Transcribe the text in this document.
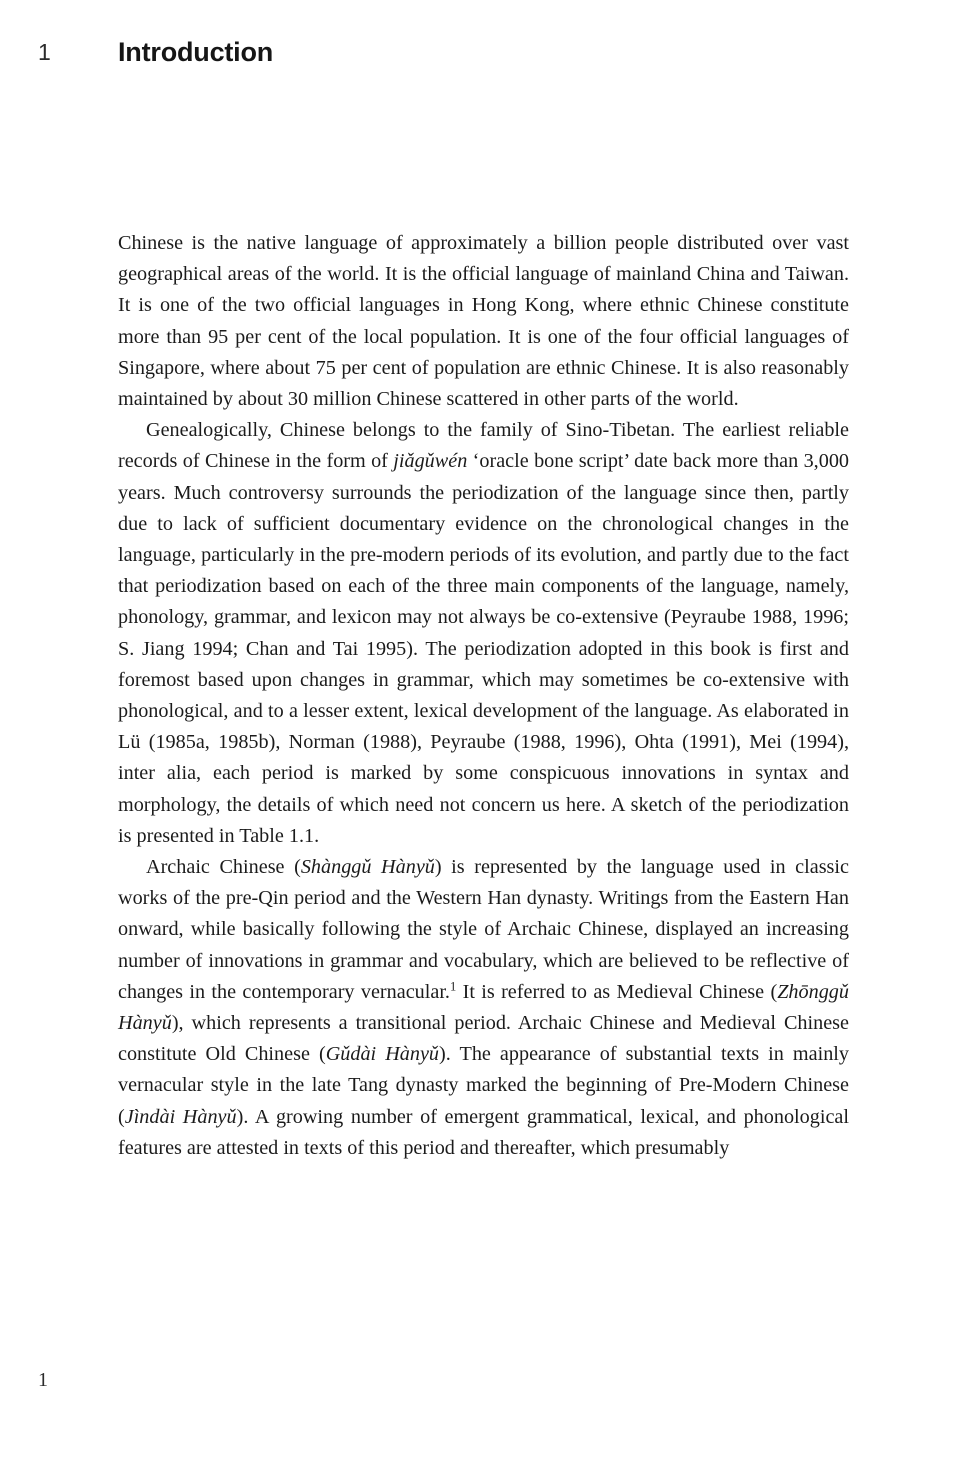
1 Introduction
1

Chinese is the native language of approximately a billion people distributed over vast geographical areas of the world. It is the official language of mainland China and Taiwan. It is one of the two official languages in Hong Kong, where ethnic Chinese constitute more than 95 per cent of the local population. It is one of the four official languages of Singapore, where about 75 per cent of population are ethnic Chinese. It is also reasonably maintained by about 30 million Chinese scattered in other parts of the world.

Genealogically, Chinese belongs to the family of Sino-Tibetan. The earliest reliable records of Chinese in the form of jiǎgǔwén ‘oracle bone script’ date back more than 3,000 years. Much controversy surrounds the periodization of the language since then, partly due to lack of sufficient documentary evidence on the chronological changes in the language, particularly in the pre-modern periods of its evolution, and partly due to the fact that periodization based on each of the three main components of the language, namely, phonology, grammar, and lexicon may not always be co-extensive (Peyraube 1988, 1996; S. Jiang 1994; Chan and Tai 1995). The periodization adopted in this book is first and foremost based upon changes in grammar, which may sometimes be co-extensive with phonological, and to a lesser extent, lexical development of the language. As elaborated in Lü (1985a, 1985b), Norman (1988), Peyraube (1988, 1996), Ohta (1991), Mei (1994), inter alia, each period is marked by some conspicuous innovations in syntax and morphology, the details of which need not concern us here. A sketch of the periodization is presented in Table 1.1.

Archaic Chinese (Shànggǔ Hànyǔ) is represented by the language used in classic works of the pre-Qin period and the Western Han dynasty. Writings from the Eastern Han onward, while basically following the style of Archaic Chinese, displayed an increasing number of innovations in grammar and vocabulary, which are believed to be reflective of changes in the contemporary vernacular.$^1$ It is referred to as Medieval Chinese (Zhōnggǔ Hànyǔ), which represents a transitional period. Archaic Chinese and Medieval Chinese constitute Old Chinese (Gǔdài Hànyǔ). The appearance of substantial texts in mainly vernacular style in the late Tang dynasty marked the beginning of Pre-Modern Chinese (Jìndài Hànyǔ). A growing number of emergent grammatical, lexical, and phonological features are attested in texts of this period and thereafter, which presumably
